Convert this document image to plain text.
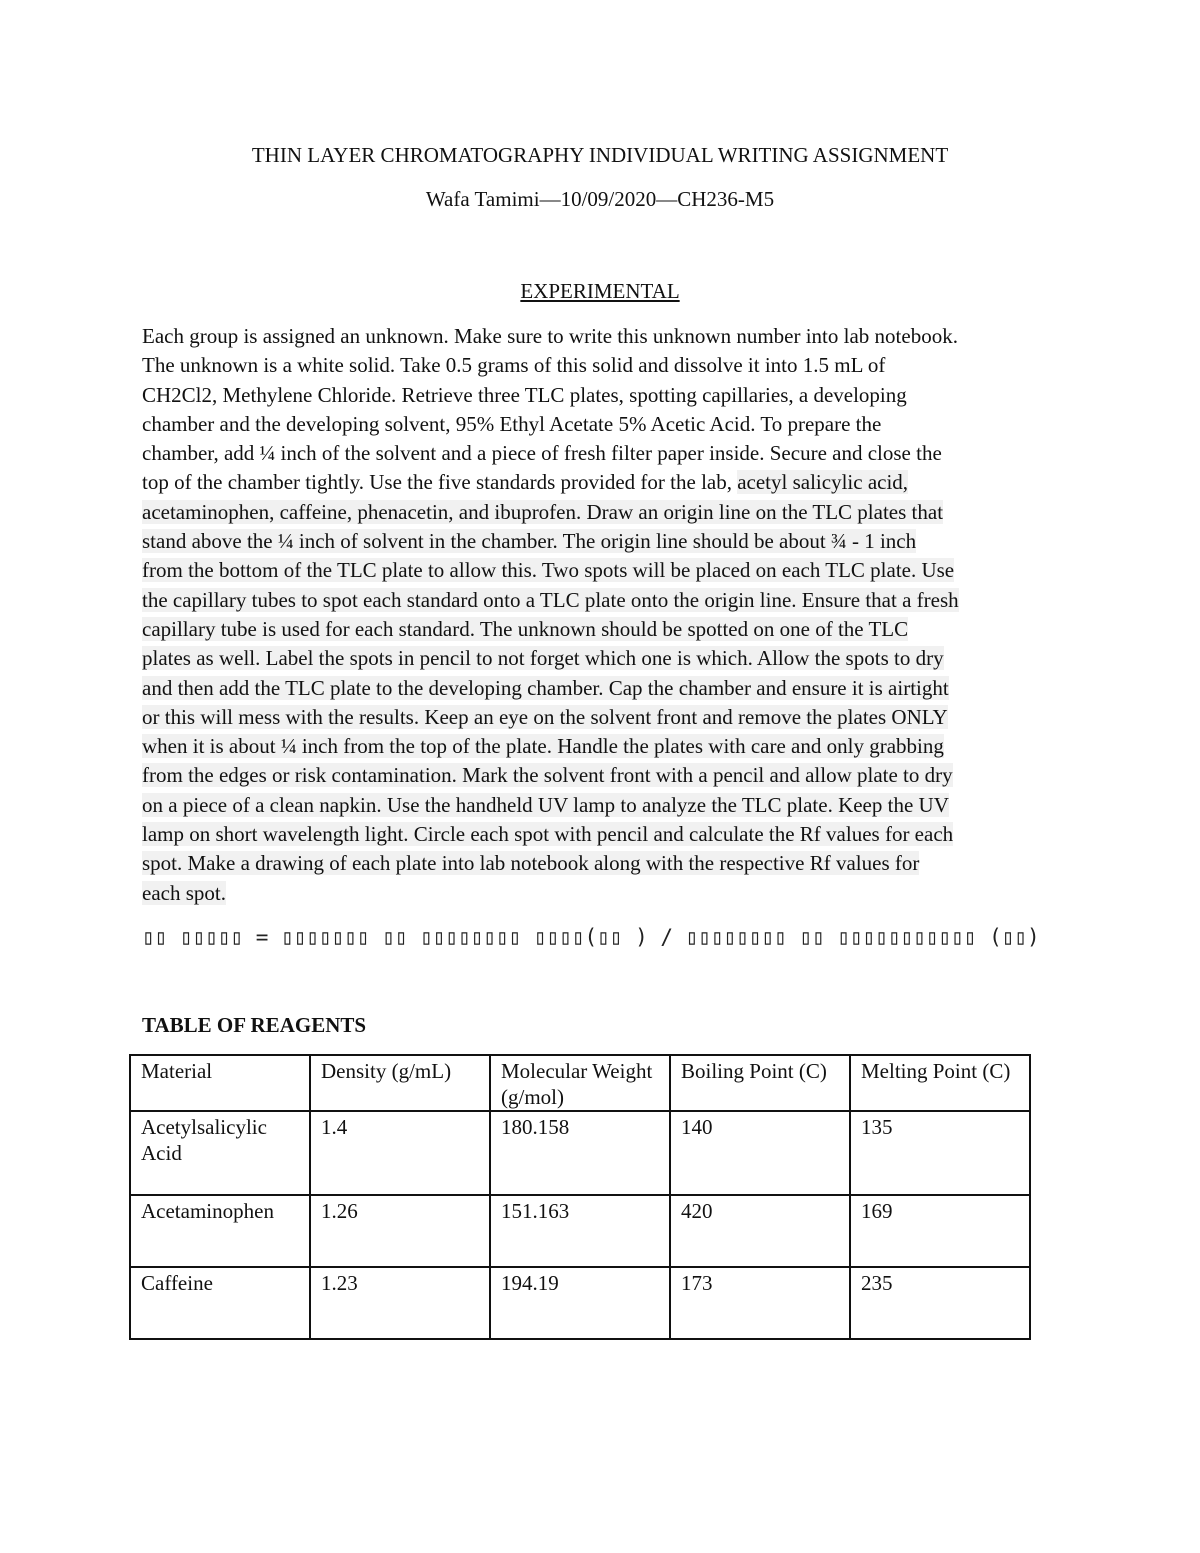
THIN LAYER CHROMATOGRAPHY INDIVIDUAL WRITING ASSIGNMENT
Wafa Tamimi—10/09/2020—CH236-M5
EXPERIMENTAL
Each group is assigned an unknown. Make sure to write this unknown number into lab notebook.
The unknown is a white solid. Take 0.5 grams of this solid and dissolve it into 1.5 mL of
CH2Cl2, Methylene Chloride. Retrieve three TLC plates, spotting capillaries, a developing
chamber and the developing solvent, 95% Ethyl Acetate 5% Acetic Acid. To prepare the
chamber, add ¼ inch of the solvent and a piece of fresh filter paper inside. Secure and close the
top of the chamber tightly. Use the five standards provided for the lab, acetyl salicylic acid,
acetaminophen, caffeine, phenacetin, and ibuprofen. Draw an origin line on the TLC plates that
stand above the ¼ inch of solvent in the chamber. The origin line should be about ¾ - 1 inch
from the bottom of the TLC plate to allow this. Two spots will be placed on each TLC plate. Use
the capillary tubes to spot each standard onto a TLC plate onto the origin line. Ensure that a fresh
capillary tube is used for each standard. The unknown should be spotted on one of the TLC
plates as well. Label the spots in pencil to not forget which one is which. Allow the spots to dry
and then add the TLC plate to the developing chamber. Cap the chamber and ensure it is airtight
or this will mess with the results. Keep an eye on the solvent front and remove the plates ONLY
when it is about ¼ inch from the top of the plate. Handle the plates with care and only grabbing
from the edges or risk contamination. Mark the solvent front with a pencil and allow plate to dry
on a piece of a clean napkin. Use the handheld UV lamp to analyze the TLC plate. Keep the UV
lamp on short wavelength light. Circle each spot with pencil and calculate the Rf values for each
spot. Make a drawing of each plate into lab notebook along with the respective Rf values for
each spot.
▯▯ ▯▯▯▯▯ = ▯▯▯▯▯▯▯ ▯▯ ▯▯▯▯▯▯▯▯ ▯▯▯▯(▯▯ ) / ▯▯▯▯▯▯▯▯ ▯▯ ▯▯▯▯▯▯▯▯▯▯▯ (▯▯)
TABLE OF REAGENTS
Material	Density (g/mL)	Molecular Weight (g/mol)	Boiling Point (C)	Melting Point (C)
Acetylsalicylic Acid	1.4	180.158	140	135
Acetaminophen	1.26	151.163	420	169
Caffeine	1.23	194.19	173	235
